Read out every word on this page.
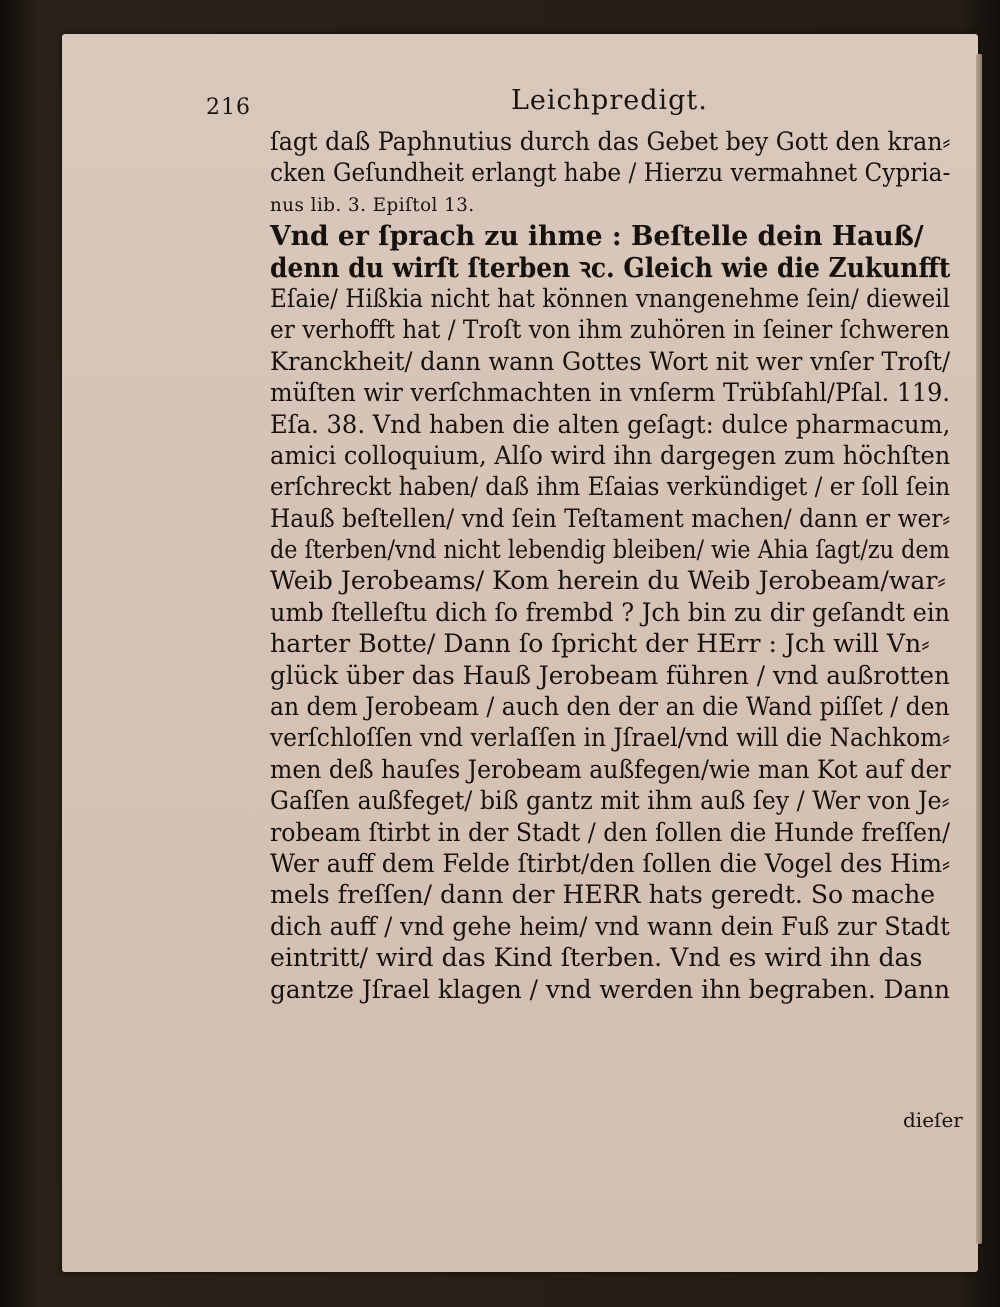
216	Leichpredigt.
ſagt daß Paphnutius durch das Gebet bey Gott den kran⸗
cken Geſundheit erlangt habe / Hierzu vermahnet Cypria-
nus lib. 3. Epiſtol 13.
Vnd er ſprach zu ihme : Beſtelle dein Hauß/
denn du wirſt ſterben ꝛc. Gleich wie die Zukunfft
Eſaie/ Hißkia nicht hat können vnangenehme ſein/ dieweil
er verhofft hat / Troſt von ihm zuhören in ſeiner ſchweren
Kranckheit/ dann wann Gottes Wort nit wer vnſer Troſt/
müſten wir verſchmachten in vnſerm Trübſahl/Pſal. 119.
Eſa. 38. Vnd haben die alten geſagt: dulce pharmacum,
amici colloquium, Alſo wird ihn dargegen zum höchſten
erſchreckt haben/ daß ihm Eſaias verkündiget / er ſoll ſein
Hauß beſtellen/ vnd ſein Teſtament machen/ dann er wer⸗
de ſterben/vnd nicht lebendig bleiben/ wie Ahia ſagt/zu dem
Weib Jerobeams/ Kom herein du Weib Jerobeam/war⸗
umb ſtelleſtu dich ſo frembd ? Jch bin zu dir geſandt ein
harter Botte/ Dann ſo ſpricht der HErr : Jch will Vn⸗
glück über das Hauß Jerobeam führen / vnd außrotten
an dem Jerobeam / auch den der an die Wand piſſet / den
verſchloſſen vnd verlaſſen in Jſrael/vnd will die Nachkom⸗
men deß hauſes Jerobeam außfegen/wie man Kot auf der
Gaſſen außfeget/ biß gantz mit ihm auß ſey / Wer von Je⸗
robeam ſtirbt in der Stadt / den ſollen die Hunde freſſen/
Wer auff dem Felde ſtirbt/den ſollen die Vogel des Him⸗
mels freſſen/ dann der HERR hats geredt. So mache
dich auff / vnd gehe heim/ vnd wann dein Fuß zur Stadt
eintritt/ wird das Kind ſterben. Vnd es wird ihn das
gantze Jſrael klagen / vnd werden ihn begraben. Dann
dieſer
